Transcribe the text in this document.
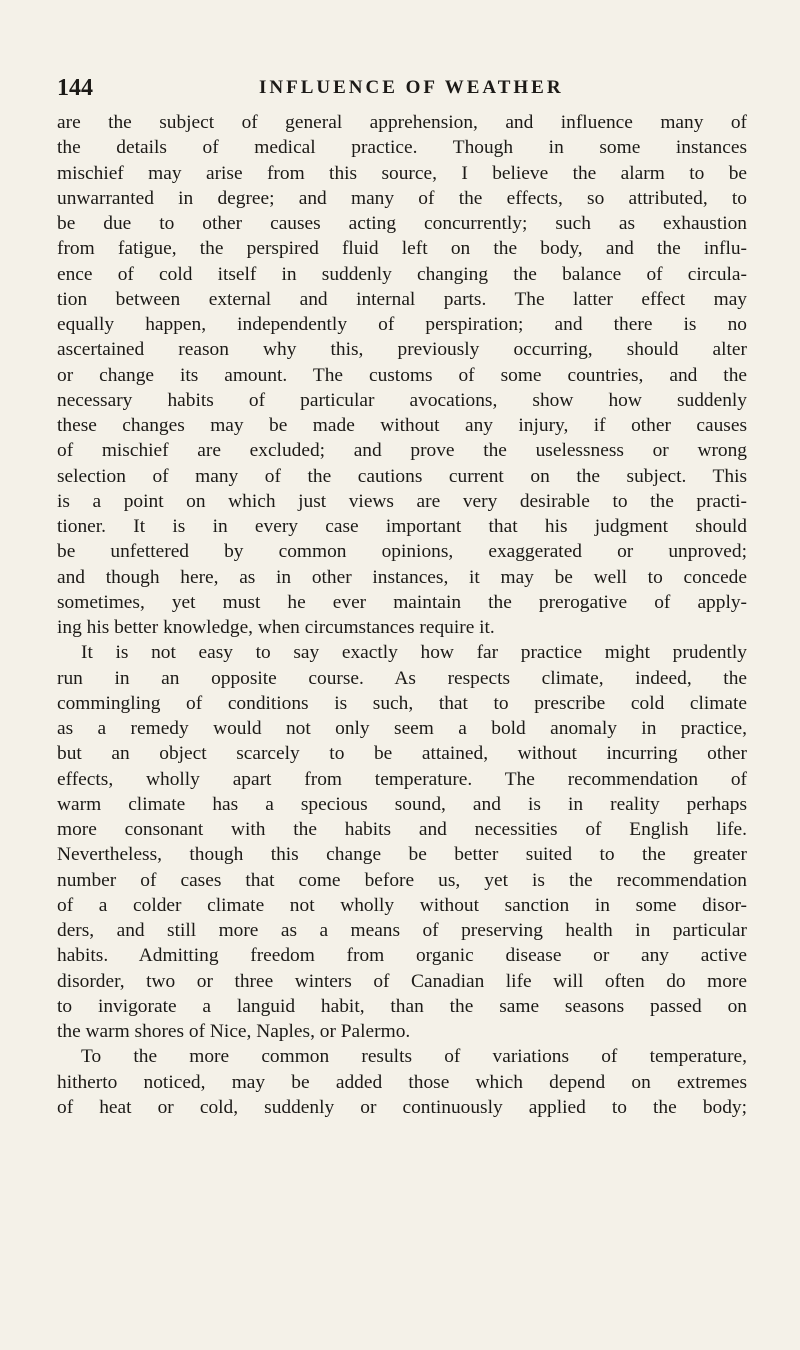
144	INFLUENCE OF WEATHER
are the subject of general apprehension, and influence many of
the details of medical practice. Though in some instances
mischief may arise from this source, I believe the alarm to be
unwarranted in degree; and many of the effects, so attributed, to
be due to other causes acting concurrently; such as exhaustion
from fatigue, the perspired fluid left on the body, and the influ-
ence of cold itself in suddenly changing the balance of circula-
tion between external and internal parts. The latter effect may
equally happen, independently of perspiration; and there is no
ascertained reason why this, previously occurring, should alter
or change its amount. The customs of some countries, and the
necessary habits of particular avocations, show how suddenly
these changes may be made without any injury, if other causes
of mischief are excluded; and prove the uselessness or wrong
selection of many of the cautions current on the subject. This
is a point on which just views are very desirable to the practi-
tioner. It is in every case important that his judgment should
be unfettered by common opinions, exaggerated or unproved;
and though here, as in other instances, it may be well to concede
sometimes, yet must he ever maintain the prerogative of apply-
ing his better knowledge, when circumstances require it.
It is not easy to say exactly how far practice might prudently
run in an opposite course. As respects climate, indeed, the
commingling of conditions is such, that to prescribe cold climate
as a remedy would not only seem a bold anomaly in practice,
but an object scarcely to be attained, without incurring other
effects, wholly apart from temperature. The recommendation of
warm climate has a specious sound, and is in reality perhaps
more consonant with the habits and necessities of English life.
Nevertheless, though this change be better suited to the greater
number of cases that come before us, yet is the recommendation
of a colder climate not wholly without sanction in some disor-
ders, and still more as a means of preserving health in particular
habits. Admitting freedom from organic disease or any active
disorder, two or three winters of Canadian life will often do more
to invigorate a languid habit, than the same seasons passed on
the warm shores of Nice, Naples, or Palermo.
To the more common results of variations of temperature,
hitherto noticed, may be added those which depend on extremes
of heat or cold, suddenly or continuously applied to the body;
